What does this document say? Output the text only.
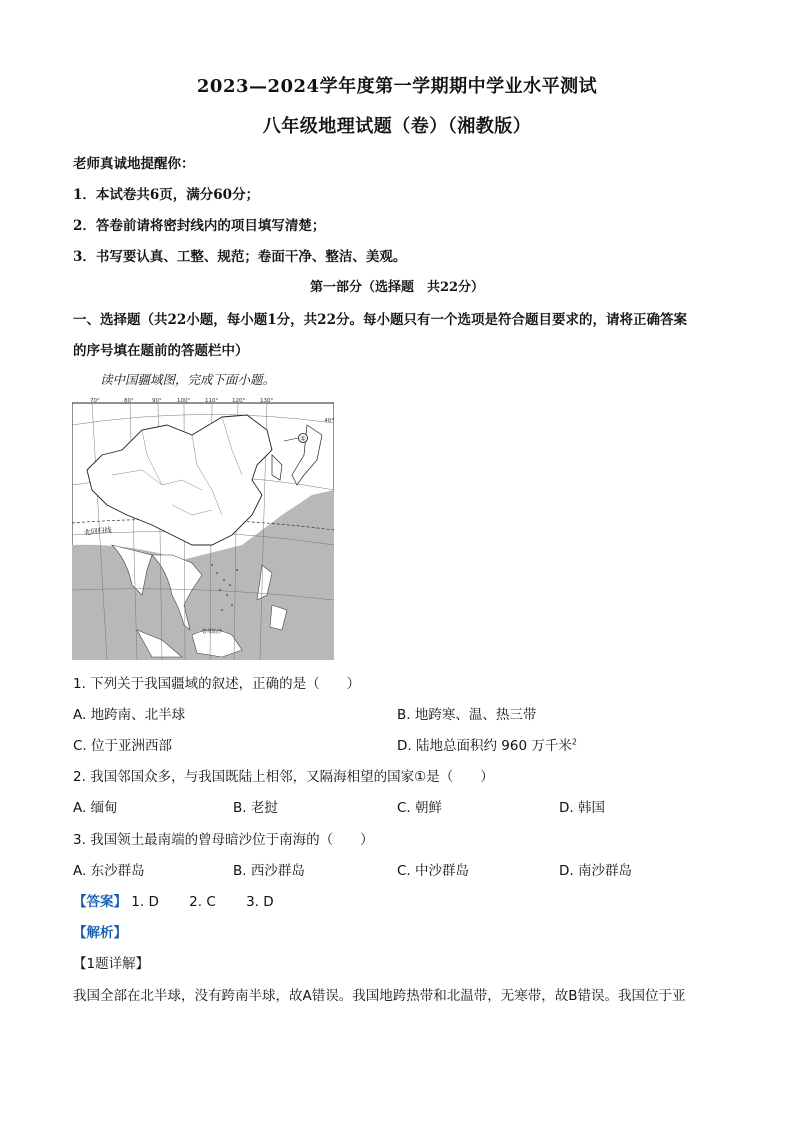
2023—2024学年度第一学期期中学业水平测试
八年级地理试题（卷）（湘教版）
老师真诚地提醒你：
1．本试卷共6页，满分60分；
2．答卷前请将密封线内的项目填写清楚；
3．书写要认真、工整、规范；卷面干净、整洁、美观。
第一部分（选择题　共22分）
一、选择题（共22小题，每小题1分，共22分。每小题只有一个选项是符合题目要求的，请将正确答案
的序号填在题前的答题栏中）
读中国疆域图，完成下面小题。
70°	80°	90°	100°	110°	120°	130°
40°
①
北回归线
曾母暗沙
1. 下列关于我国疆域的叙述，正确的是（　　）
A. 地跨南、北半球	B. 地跨寒、温、热三带
C. 位于亚洲西部	D. 陆地总面积约 960 万千米$^2$
2. 我国邻国众多，与我国既陆上相邻，又隔海相望的国家①是（　　）
A. 缅甸	B. 老挝	C. 朝鲜	D. 韩国
3. 我国领土最南端的曾母暗沙位于南海的（　　）
A. 东沙群岛	B. 西沙群岛	C. 中沙群岛	D. 南沙群岛
【答案】 1. D 2. C 3. D
【解析】
【1题详解】
我国全部在北半球，没有跨南半球，故A错误。我国地跨热带和北温带，无寒带，故B错误。我国位于亚
